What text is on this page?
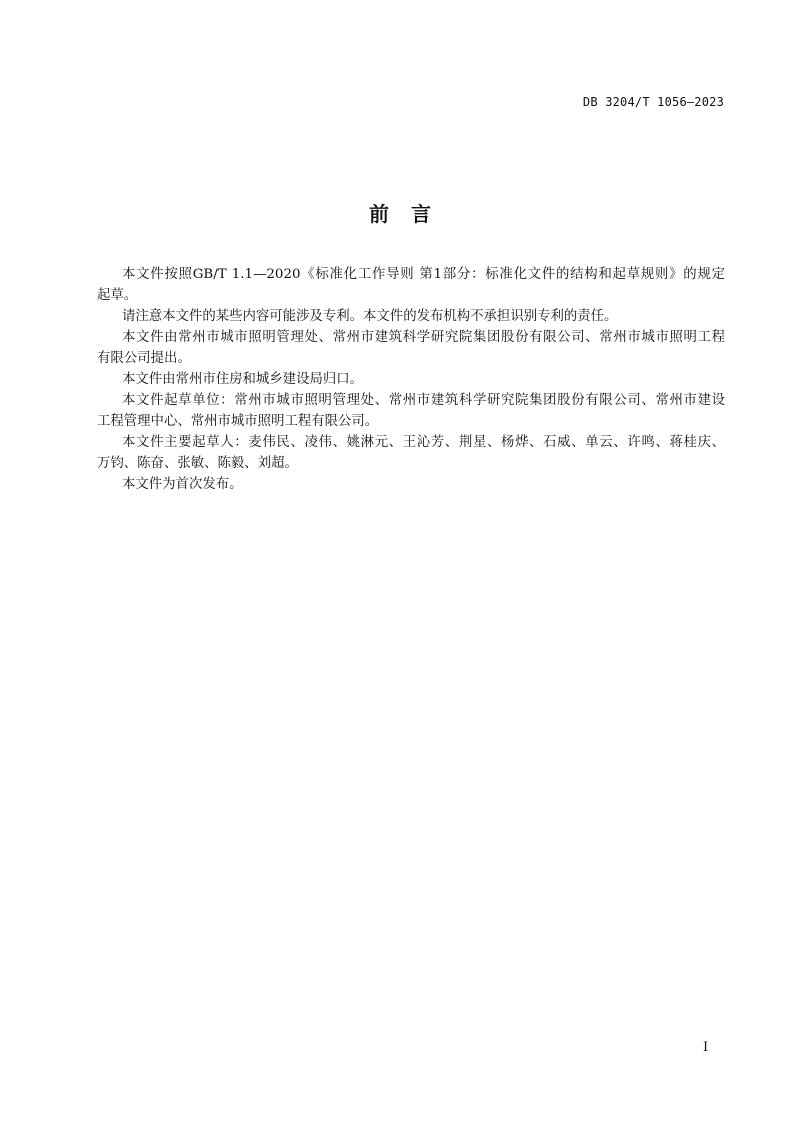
DB 3204/T 1056—2023
前言
本文件按照GB/T 1.1—2020《标准化工作导则 第1部分：标准化文件的结构和起草规则》的规定
起草。
请注意本文件的某些内容可能涉及专利。本文件的发布机构不承担识别专利的责任。
本文件由常州市城市照明管理处、常州市建筑科学研究院集团股份有限公司、常州市城市照明工程
有限公司提出。
本文件由常州市住房和城乡建设局归口。
本文件起草单位：常州市城市照明管理处、常州市建筑科学研究院集团股份有限公司、常州市建设
工程管理中心、常州市城市照明工程有限公司。
本文件主要起草人：麦伟民、凌伟、姚淋元、王沁芳、荆星、杨烨、石威、单云、许鸣、蒋桂庆、
万钧、陈奋、张敏、陈毅、刘超。
本文件为首次发布。
I
